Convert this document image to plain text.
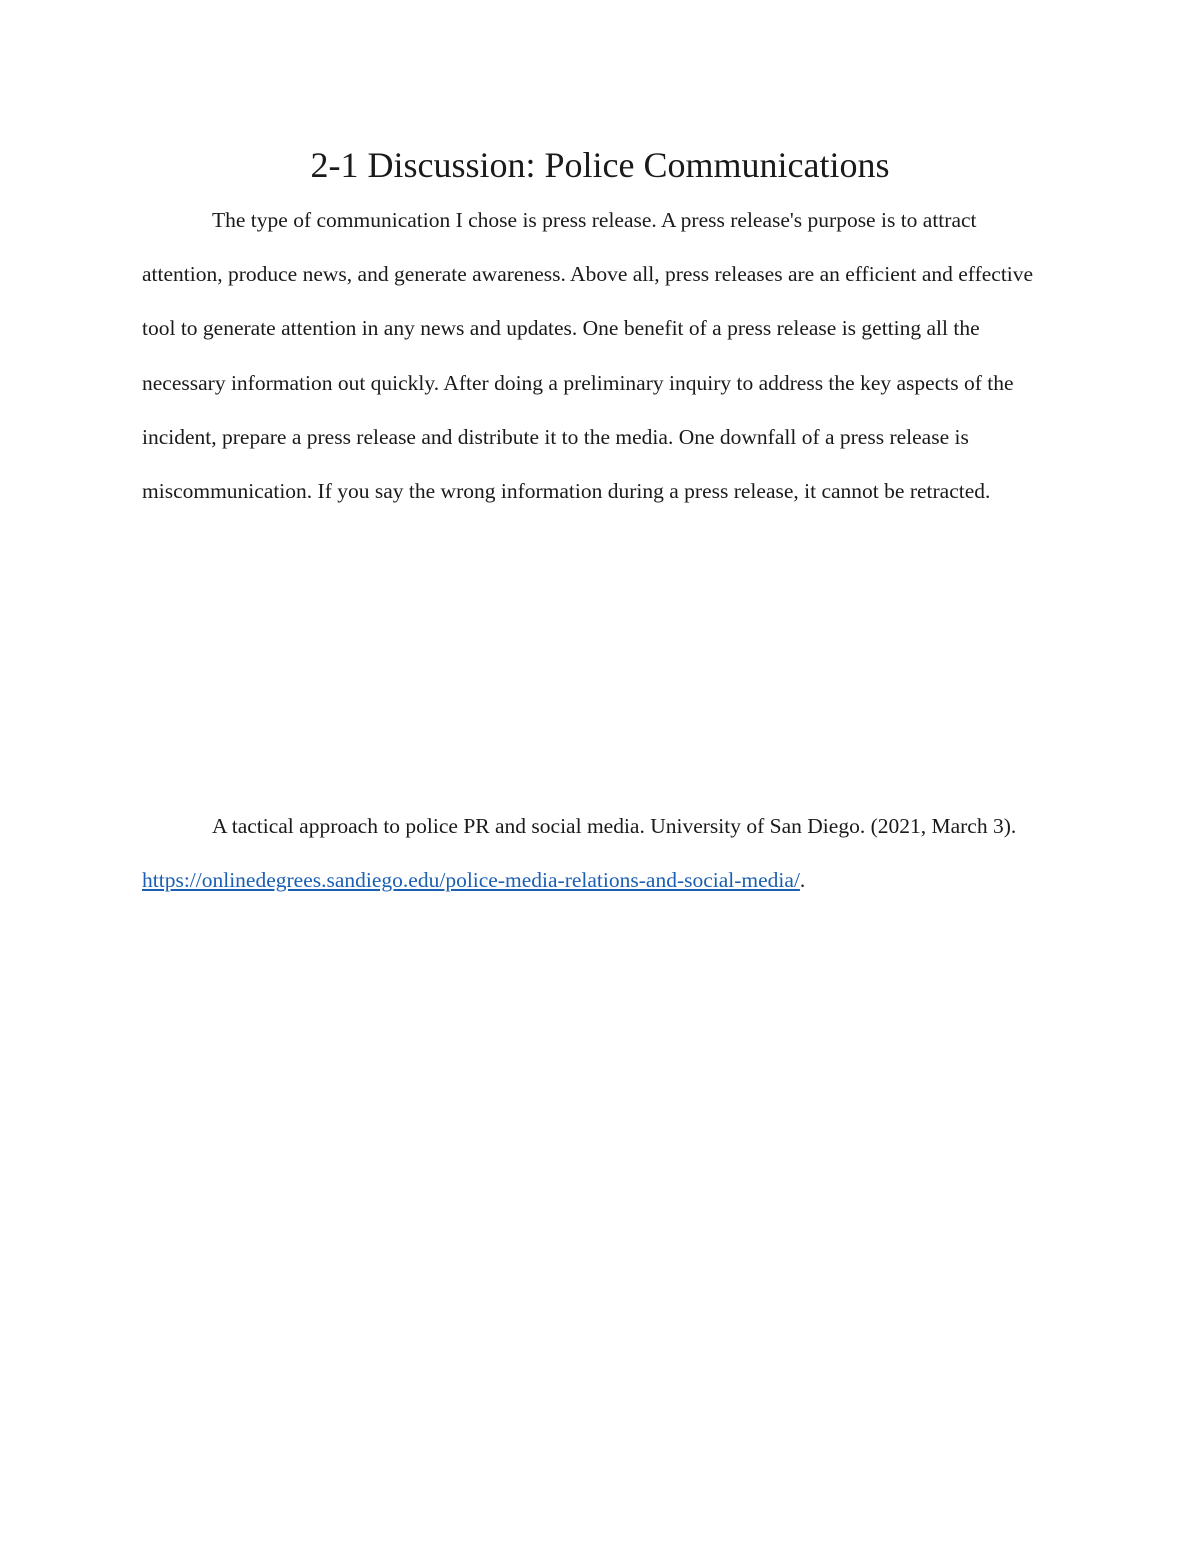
2-1 Discussion: Police Communications

The type of communication I chose is press release. A press release's purpose is to attract attention, produce news, and generate awareness. Above all, press releases are an efficient and effective tool to generate attention in any news and updates. One benefit of a press release is getting all the necessary information out quickly. After doing a preliminary inquiry to address the key aspects of the incident, prepare a press release and distribute it to the media. One downfall of a press release is miscommunication. If you say the wrong information during a press release, it cannot be retracted.

A tactical approach to police PR and social media. University of San Diego. (2021, March 3). https://onlinedegrees.sandiego.edu/police-media-relations-and-social-media/.
